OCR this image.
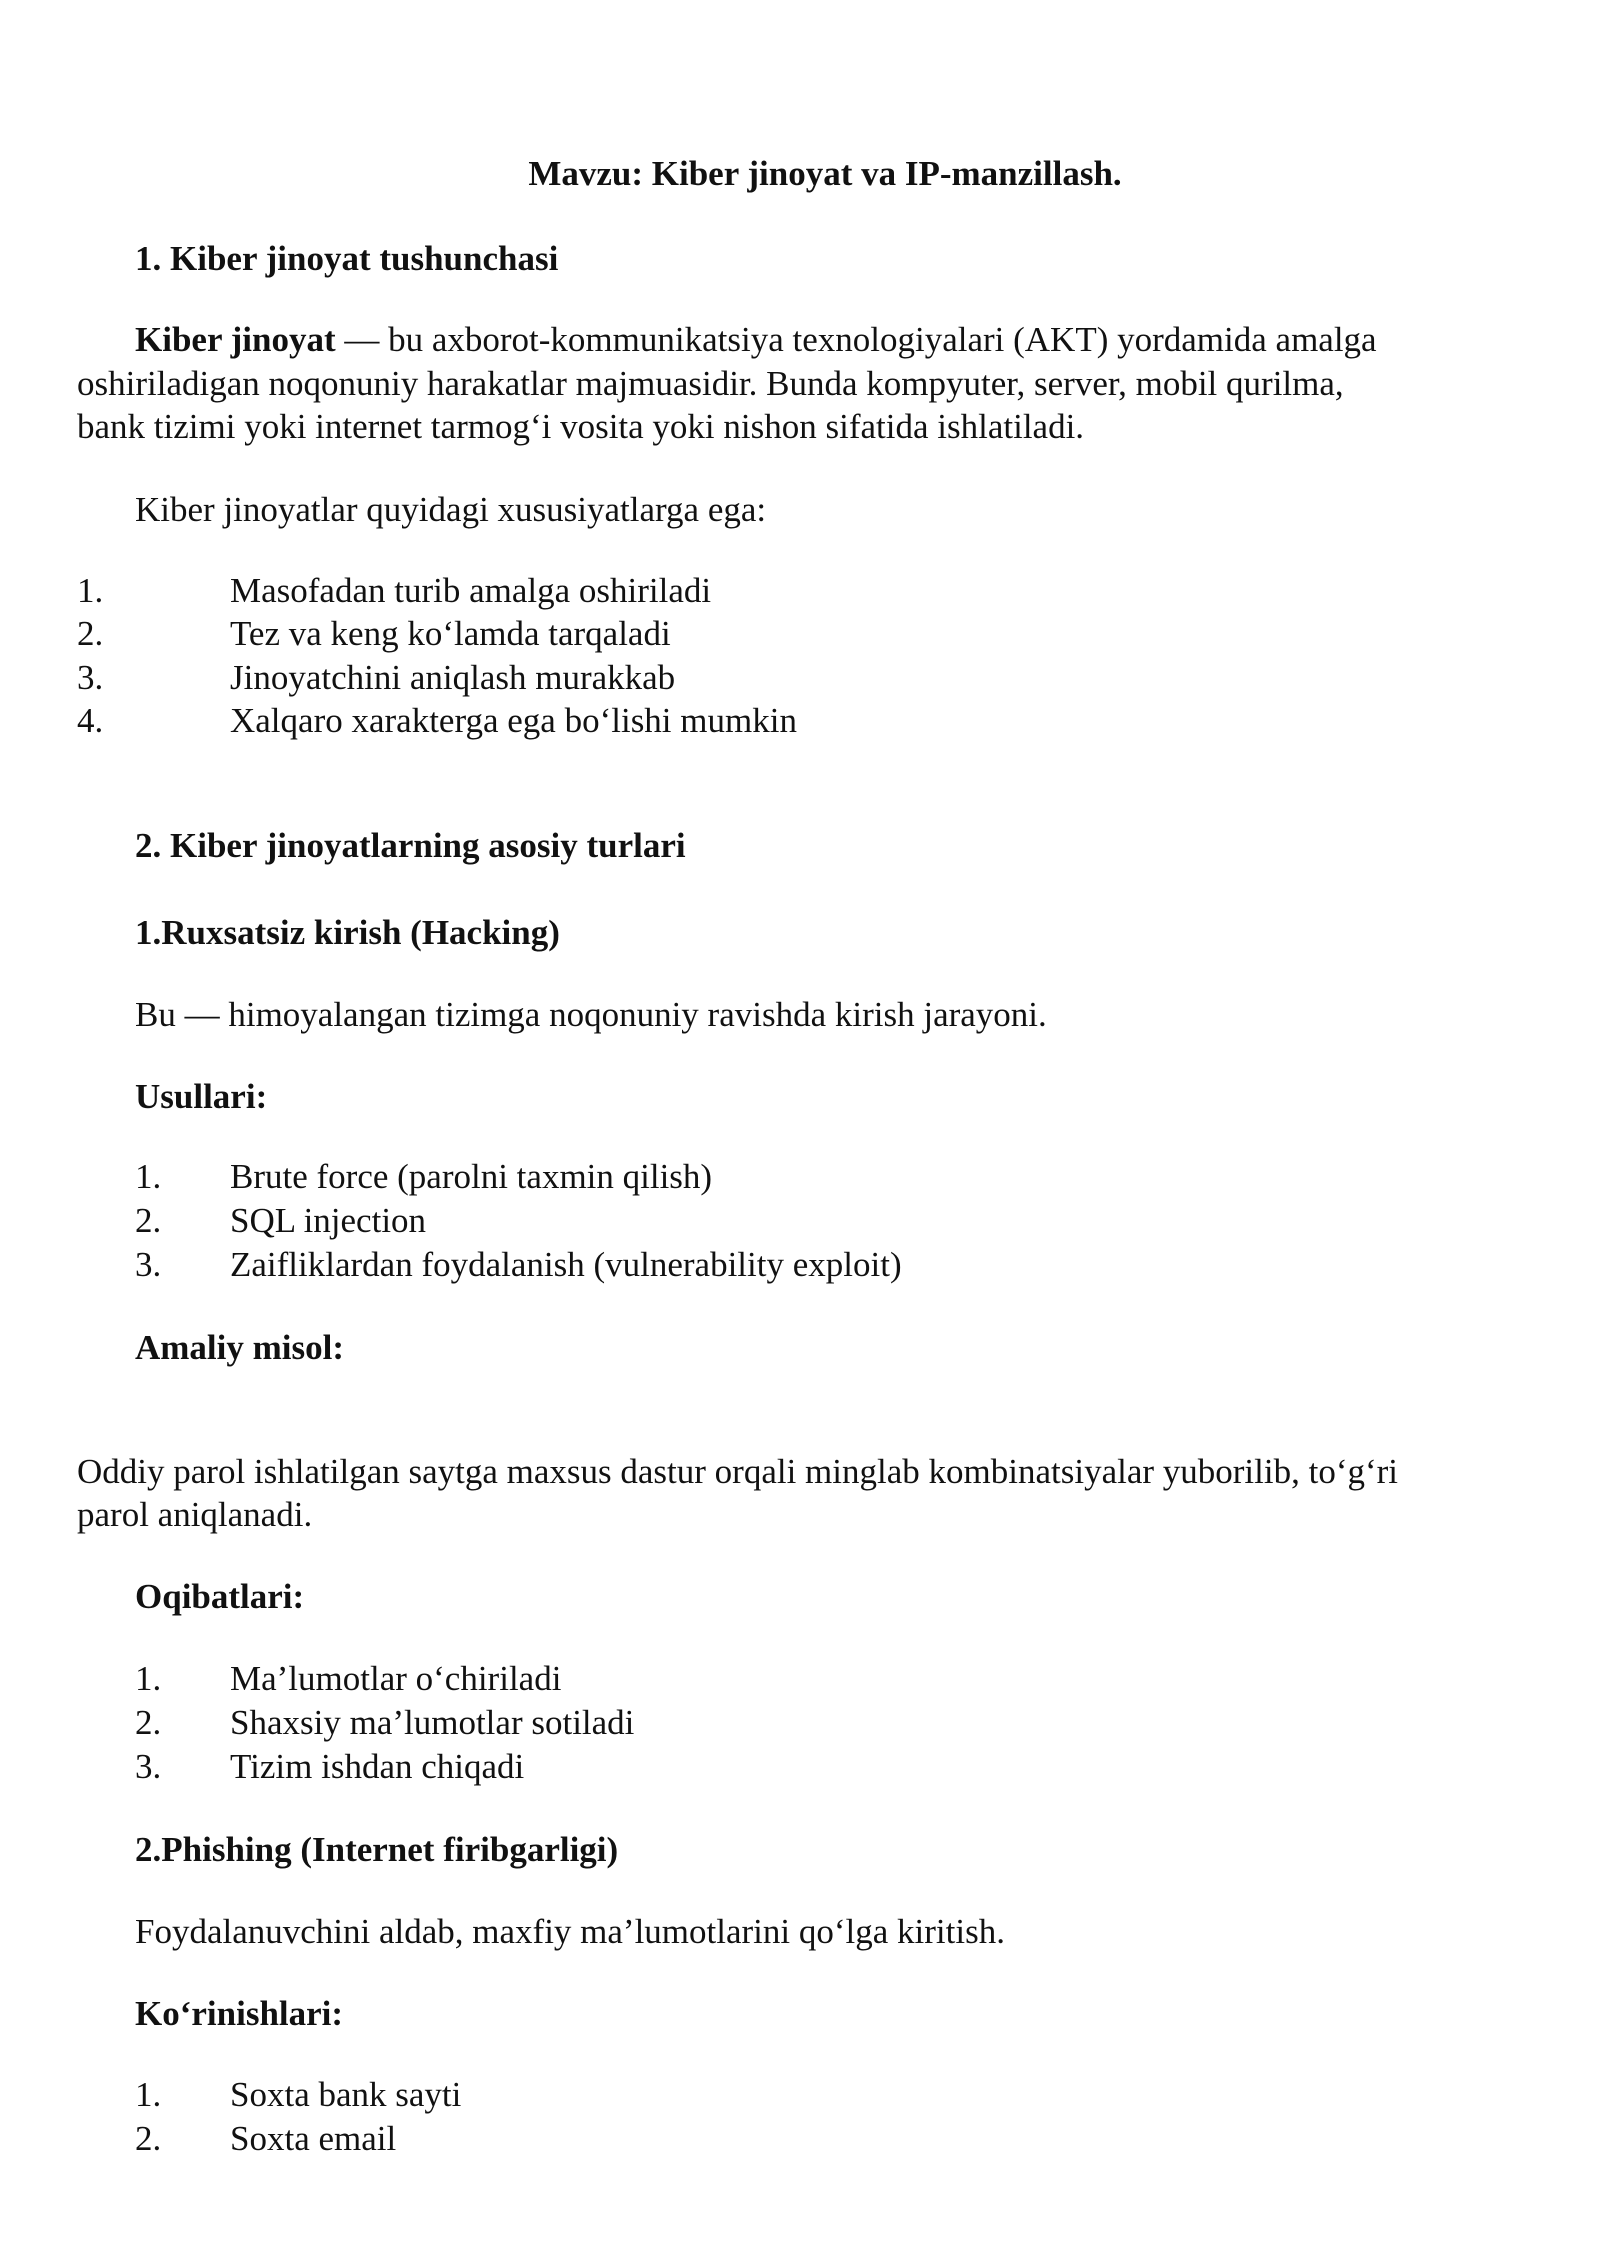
Mavzu: Kiber jinoyat va IP-manzillash.
1. Kiber jinoyat tushunchasi
Kiber jinoyat — bu axborot-kommunikatsiya texnologiyalari (AKT) yordamida amalga
oshiriladigan noqonuniy harakatlar majmuasidir. Bunda kompyuter, server, mobil qurilma,
bank tizimi yoki internet tarmog‘i vosita yoki nishon sifatida ishlatiladi.
Kiber jinoyatlar quyidagi xususiyatlarga ega:
1.	Masofadan turib amalga oshiriladi
2.	Tez va keng ko‘lamda tarqaladi
3.	Jinoyatchini aniqlash murakkab
4.	Xalqaro xarakterga ega bo‘lishi mumkin
2. Kiber jinoyatlarning asosiy turlari
1.Ruxsatsiz kirish (Hacking)
Bu — himoyalangan tizimga noqonuniy ravishda kirish jarayoni.
Usullari:
1. Brute force (parolni taxmin qilish)
2. SQL injection
3. Zaifliklardan foydalanish (vulnerability exploit)
Amaliy misol:
Oddiy parol ishlatilgan saytga maxsus dastur orqali minglab kombinatsiyalar yuborilib, to‘g‘ri
parol aniqlanadi.
Oqibatlari:
1. Ma’lumotlar o‘chiriladi
2. Shaxsiy ma’lumotlar sotiladi
3. Tizim ishdan chiqadi
2.Phishing (Internet firibgarligi)
Foydalanuvchini aldab, maxfiy ma’lumotlarini qo‘lga kiritish.
Ko‘rinishlari:
1. Soxta bank sayti
2. Soxta email
